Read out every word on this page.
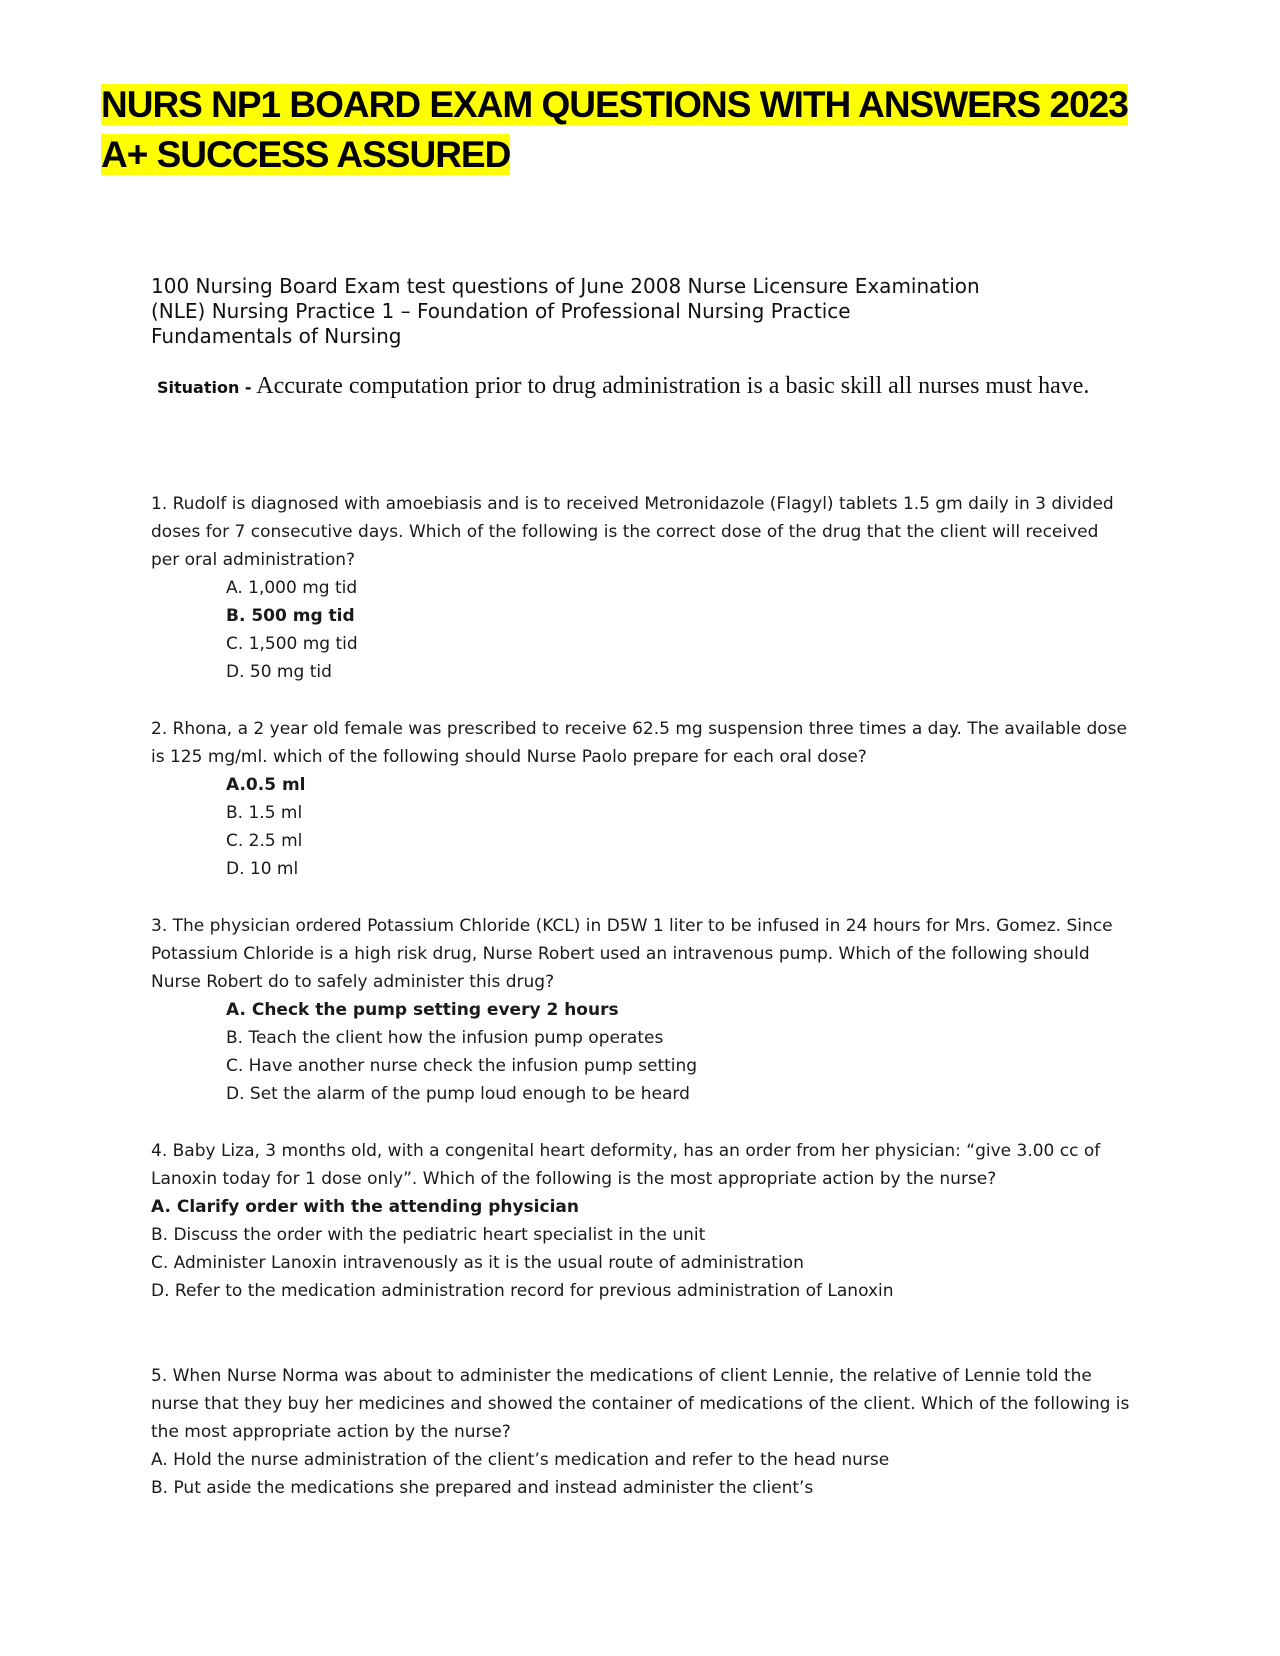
NURS NP1 BOARD EXAM QUESTIONS WITH ANSWERS 2023
A+ SUCCESS ASSURED
100 Nursing Board Exam test questions of June 2008 Nurse Licensure Examination
(NLE) Nursing Practice 1 – Foundation of Professional Nursing Practice
Fundamentals of Nursing
Situation - Accurate computation prior to drug administration is a basic skill all nurses must have.

1. Rudolf is diagnosed with amoebiasis and is to received Metronidazole (Flagyl) tablets 1.5 gm daily in 3 divided doses for 7 consecutive days. Which of the following is the correct dose of the drug that the client will received per oral administration?

A. 1,000 mg tid
B. 500 mg tid
C. 1,500 mg tid
D. 50 mg tid

2. Rhona, a 2 year old female was prescribed to receive 62.5 mg suspension three times a day. The available dose is 125 mg/ml. which of the following should Nurse Paolo prepare for each oral dose?

A.0.5 ml
B. 1.5 ml
C. 2.5 ml
D. 10 ml

3. The physician ordered Potassium Chloride (KCL) in D5W 1 liter to be infused in 24 hours for Mrs. Gomez. Since Potassium Chloride is a high risk drug, Nurse Robert used an intravenous pump. Which of the following should Nurse Robert do to safely administer this drug?

A. Check the pump setting every 2 hours
B. Teach the client how the infusion pump operates
C. Have another nurse check the infusion pump setting
D. Set the alarm of the pump loud enough to be heard

4. Baby Liza, 3 months old, with a congenital heart deformity, has an order from her physician: “give 3.00 cc of Lanoxin today for 1 dose only”. Which of the following is the most appropriate action by the nurse?

A. Clarify order with the attending physician
B. Discuss the order with the pediatric heart specialist in the unit
C. Administer Lanoxin intravenously as it is the usual route of administration
D. Refer to the medication administration record for previous administration of Lanoxin

5. When Nurse Norma was about to administer the medications of client Lennie, the relative of Lennie told the nurse that they buy her medicines and showed the container of medications of the client. Which of the following is the most appropriate action by the nurse?

A. Hold the nurse administration of the client’s medication and refer to the head nurse
B. Put aside the medications she prepared and instead administer the client’s
